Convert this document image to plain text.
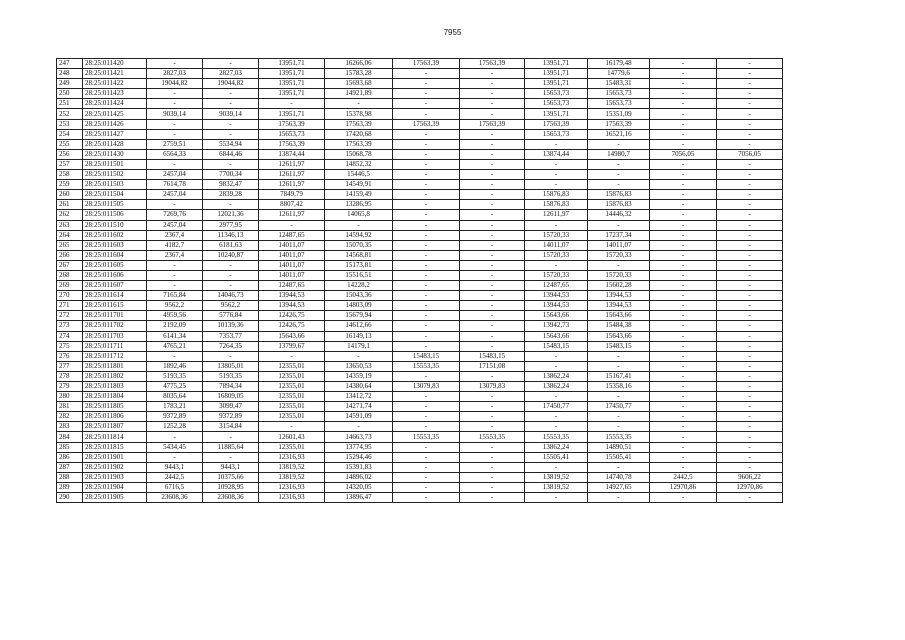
7955
247	28:25:011420	-	-	13951,71	16266,06	17563,39	17563,39	13951,71	16179,48	-	-
248	28:25:011421	2827,03	2827,03	13951,71	15783,28	-	-	13951,71	14779,6	-	-
249	28:25:011422	19044,82	19044,82	13951,71	15693,68	-	-	13951,71	15483,31	-	-
250	28:25:011423	-	-	13951,71	14921,89	-	-	15653,73	15653,73	-	-
251	28:25:011424	-	-	-	-	-	-	15653,73	15653,73	-	-
252	28:25:011425	9039,14	9039,14	13951,71	15378,98	-	-	13951,71	15351,09	-	-
253	28:25:011426	-	-	17563,39	17563,39	17563,39	17563,39	17563,39	17563,39	-	-
254	28:25:011427	-	-	15653,73	17420,68	-	-	15653,73	16521,16	-	-
255	28:25:011428	2759,51	5534,94	17563,39	17563,39	-	-	-	-	-	-
256	28:25:011430	6564,33	6844,46	13874,44	15068,78	-	-	13874,44	14980,7	7056,05	7056,05
257	28:25:011501	-	-	12611,97	14852,32	-	-	-	-	-	-
258	28:25:011502	2457,04	7700,34	12611,97	15446,5	-	-	-	-	-	-
259	28:25:011503	7614,78	9832,47	12611,97	14549,91	-	-	-	-	-	-
260	28:25:011504	2457,04	2839,28	7849,79	14159,49	-	-	15876,83	15876,83	-	-
261	28:25:011505	-	-	8807,42	13286,95	-	-	15876,83	15876,83	-	-
262	28:25:011506	7269,76	12021,36	12611,97	14065,8	-	-	12611,97	14446,32	-	-
263	28:25:011510	2457,04	2977,95	-	-	-	-	-	-	-	-
264	28:25:011602	2367,4	11346,13	12487,65	14594,92	-	-	15720,33	17237,34	-	-
265	28:25:011603	4182,7	6181,63	14011,07	15070,35	-	-	14011,07	14011,07	-	-
266	28:25:011604	2367,4	10240,87	14011,07	14568,81	-	-	15720,33	15720,33	-	-
267	28:25:011605	-	-	14011,07	15173,81	-	-	-	-	-	-
268	28:25:011606	-	-	14011,07	15516,51	-	-	15720,33	15720,33	-	-
269	28:25:011607	-	-	12487,65	14228,2	-	-	12487,65	15602,28	-	-
270	28:25:011614	7165,84	14046,73	13944,53	15043,36	-	-	13944,53	13944,53	-	-
271	28:25:011615	9562,2	9562,2	13944,53	14803,09	-	-	13944,53	13944,53	-	-
272	28:25:011701	4959,56	5776,84	12426,75	15679,94	-	-	15643,66	15643,66	-	-
273	28:25:011702	2192,09	10139,36	12426,75	14612,66	-	-	13942,73	15484,38	-	-
274	28:25:011703	6141,34	7353,77	15643,66	16149,13	-	-	15643,66	15643,66	-	-
275	28:25:011711	4765,21	7264,35	13799,67	14179,1	-	-	15483,15	15483,15	-	-
276	28:25:011712	-	-	-	-	15483,15	15483,15	-	-	-	-
277	28:25:011801	1892,46	13805,01	12355,01	13650,53	15553,35	17151,08	-	-	-	-
278	28:25:011802	5193,35	5193,35	12355,01	14359,19	-	-	13862,24	15167,41	-	-
279	28:25:011803	4775,25	7894,34	12355,01	14380,64	13079,83	13079,83	13862,24	15358,16	-	-
280	28:25:011804	8035,64	16809,05	12355,01	13412,72	-	-	-	-	-	-
281	28:25:011805	1783,21	3099,47	12355,01	14271,74	-	-	17450,77	17450,77	-	-
282	28:25:011806	9372,89	9372,89	12355,01	14591,09	-	-	-	-	-	-
283	28:25:011807	1252,28	3154,84	-	-	-	-	-	-	-	-
284	28:25:011814	-	-	12601,43	14663,73	15553,35	15553,35	15553,35	15553,35	-	-
285	28:25:011815	5434,45	11885,64	12355,01	13774,95	-	-	13862,24	14890,51	-	-
286	28:25:011901	-	-	12316,93	15294,46	-	-	15505,41	15505,41	-	-
287	28:25:011902	9443,1	9443,1	13819,52	15391,83	-	-	-	-	-	-
288	28:25:011903	2442,5	10375,66	13819,52	14896,02	-	-	13819,52	14740,78	2442,5	9606,22
289	28:25:011904	6716,5	10928,95	12316,93	14320,05	-	-	13819,52	14927,65	12970,86	12970,86
290	28:25:011905	23608,36	23608,36	12316,93	13896,47	-	-	-	-	-	-
